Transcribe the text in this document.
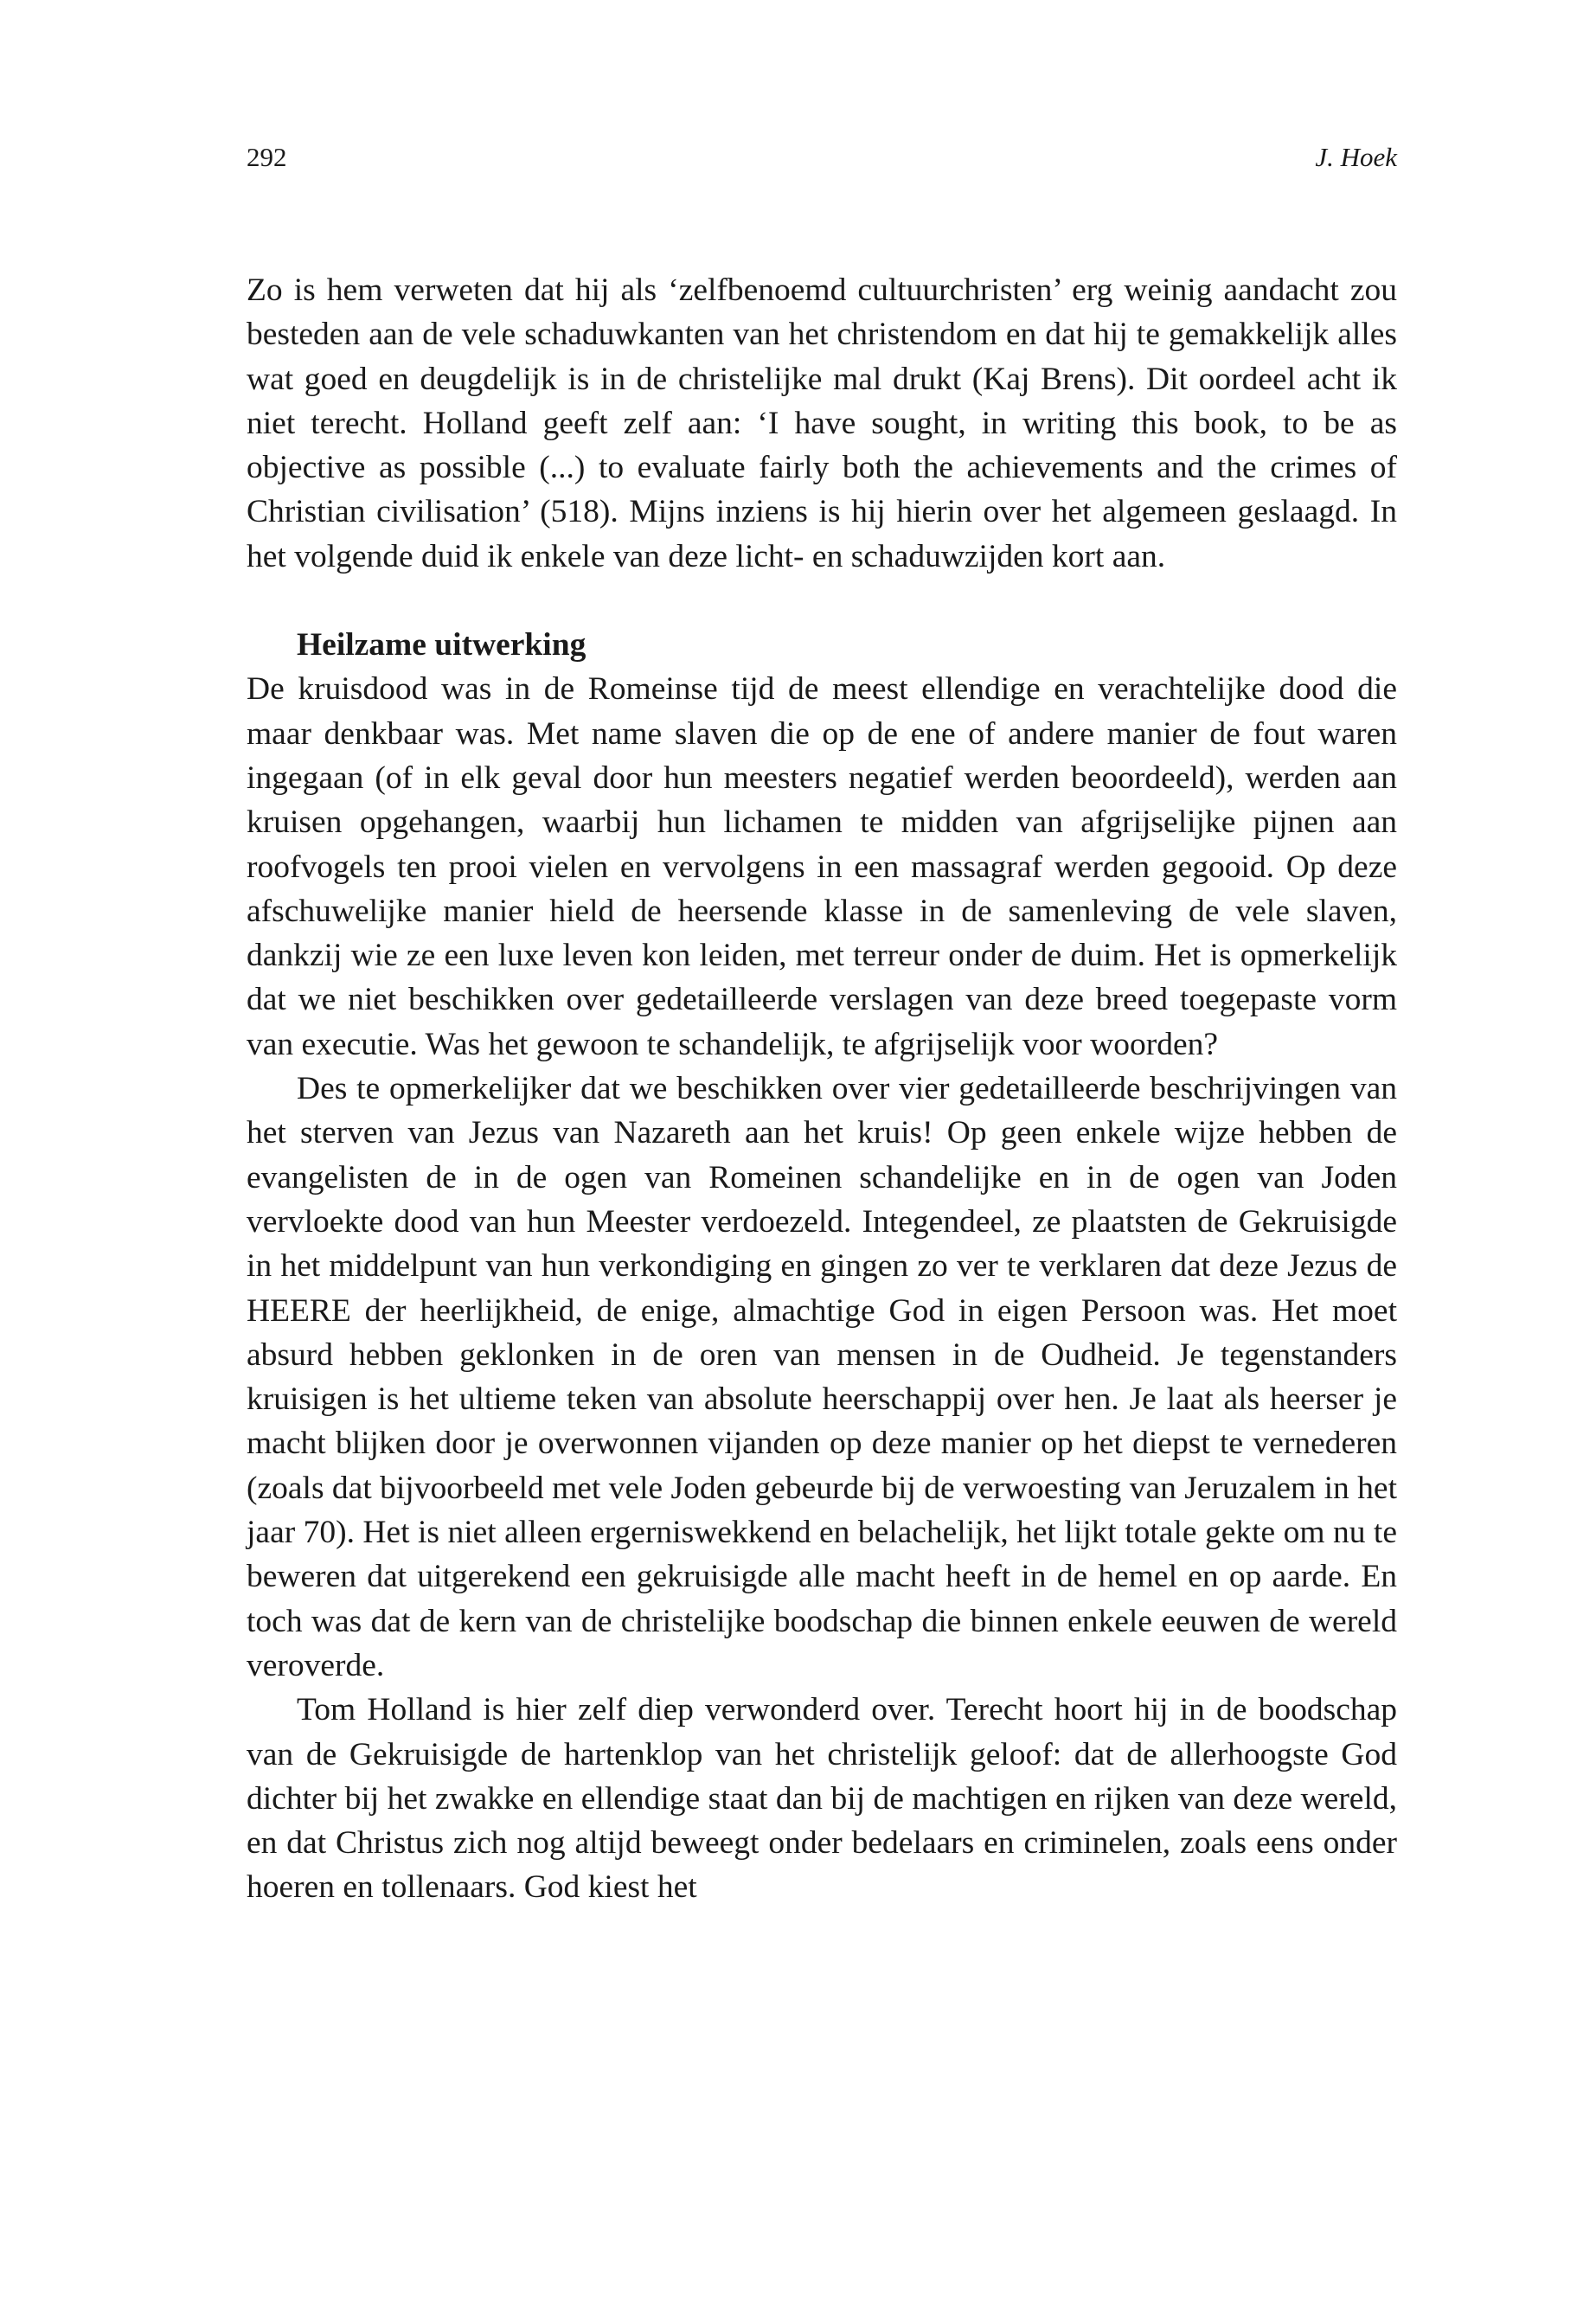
292	J. Hoek

Zo is hem verweten dat hij als ‘zelfbenoemd cultuurchristen’ erg weinig aandacht zou besteden aan de vele schaduwkanten van het christendom en dat hij te gemakkelijk alles wat goed en deugdelijk is in de christelijke mal drukt (Kaj Brens). Dit oordeel acht ik niet terecht. Holland geeft zelf aan: ‘I have sought, in writing this book, to be as objective as possible (...) to evaluate fairly both the achievements and the crimes of Christian civilisation’ (518). Mijns inziens is hij hierin over het algemeen geslaagd. In het volgende duid ik enkele van deze licht- en schaduwzijden kort aan.

Heilzame uitwerking

De kruisdood was in de Romeinse tijd de meest ellendige en verachtelijke dood die maar denkbaar was. Met name slaven die op de ene of andere manier de fout waren ingegaan (of in elk geval door hun meesters negatief werden beoordeeld), werden aan kruisen opgehangen, waarbij hun lichamen te midden van afgrijselijke pijnen aan roofvogels ten prooi vielen en vervolgens in een massagraf werden gegooid. Op deze afschuwelijke manier hield de heersende klasse in de samenleving de vele slaven, dankzij wie ze een luxe leven kon leiden, met terreur onder de duim. Het is opmerkelijk dat we niet beschikken over gedetailleerde verslagen van deze breed toegepaste vorm van executie. Was het gewoon te schandelijk, te afgrijselijk voor woorden?

Des te opmerkelijker dat we beschikken over vier gedetailleerde beschrijvingen van het sterven van Jezus van Nazareth aan het kruis! Op geen enkele wijze hebben de evangelisten de in de ogen van Romeinen schandelijke en in de ogen van Joden vervloekte dood van hun Meester verdoezeld. Integendeel, ze plaatsten de Gekruisigde in het middelpunt van hun verkondiging en gingen zo ver te verklaren dat deze Jezus de HEERE der heerlijkheid, de enige, almachtige God in eigen Persoon was. Het moet absurd hebben geklonken in de oren van mensen in de Oudheid. Je tegenstanders kruisigen is het ultieme teken van absolute heerschappij over hen. Je laat als heerser je macht blijken door je overwonnen vijanden op deze manier op het diepst te vernederen (zoals dat bijvoorbeeld met vele Joden gebeurde bij de verwoesting van Jeruzalem in het jaar 70). Het is niet alleen ergerniswekkend en belachelijk, het lijkt totale gekte om nu te beweren dat uitgerekend een gekruisigde alle macht heeft in de hemel en op aarde. En toch was dat de kern van de christelijke boodschap die binnen enkele eeuwen de wereld veroverde.

Tom Holland is hier zelf diep verwonderd over. Terecht hoort hij in de boodschap van de Gekruisigde de hartenklop van het christelijk geloof: dat de allerhoogste God dichter bij het zwakke en ellendige staat dan bij de machtigen en rijken van deze wereld, en dat Christus zich nog altijd beweegt onder bedelaars en criminelen, zoals eens onder hoeren en tollenaars. God kiest het
